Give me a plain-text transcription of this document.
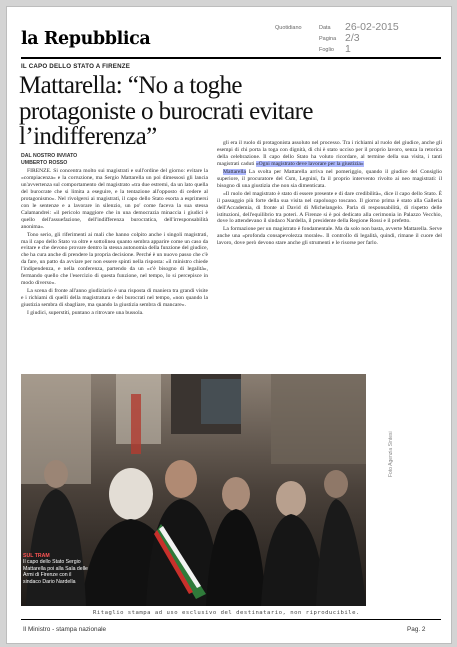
la Repubblica
Quotidiano	Data
Pagina
Foglio
26-02-2015
2/3
1
IL CAPO DELLO STATO A FIRENZE
Mattarella: “No a toghe protagoniste o burocrati evitare l’indifferenza”
DAL NOSTRO INVIATO
UMBERTO ROSSO

FIRENZE. Si concentra molto sui magistrati e sull'ordine del giorno: evitare la «compiacenza» e la corruzione, ma Sergio Mattarella un poi dimessosi gli lancia un'avvertenza sul comportamento del magistrato «tra due estremi, da un lato quella del burocrate che si limita a eseguire, e la tentazione all'opposto di cedere al protagonismo». Nel rivolgersi ai magistrati, il capo dello Stato esorta a esprimersi con le sentenze e a lavorare in silenzio, un po' come faceva la sua stessa Calamandrei: «il pericolo maggiore che in una democrazia minaccia i giudici è quello dell'assuefazione, dell'indifferenza burocratica, dell'irresponsabilità anonima».

Tono serio, gli riferimenti ai mali che hanno colpito anche i singoli magistrati, ma il capo dello Stato va oltre e sottolinea quanto sembra apparire come un caso da evitare e che devono provare dentro la stessa autonomia della funzione del giudice, che ha cura anche di prendere la propria decisione. Perché è un nuovo passo che c'è da fare, un patto da avviare per non essere spinti nella risposta: «il ministro chiede l'indipendenza, e nella conferenza, partendo da un «c'è bisogno di legalità», fermando quello che l'esercizio di questa funzione, nel tempo, lo si percepisce in modo diverso».

La scena di fronte all'anno giudiziario è una risposta di maniera tra grandi visite e i richiami di quelli della magistratura e dei burocrati nel tempo, «non quando la giustizia sembra di sbagliare, ma quando la giustizia sembra di mancare».

I giudici, superstiti, puntano a ritrovare una bussola.

gli era il ruolo di protagonista assoluto nel processo. Tra i richiami al ruolo del giudice, anche gli esempi di chi porta la toga con dignità, di chi è stato ucciso per il proprio lavoro, senza la retorica della celebrazione. Il capo dello Stato ha voluto ricordare, al termine della sua visita, i tanti magistrati caduti «Ogni magistrato deve lavorare per la giustizia»

Mattarella La svolta per Mattarella arriva nel pomeriggio, quando il giudice del Consiglio superiore, il procuratore del Csm, Legnini, fa il proprio intervento rivolto ai neo magistrati: il bisogno di una giustizia che non sia dimenticata.

«Il ruolo del magistrato è stato di essere presente e di dare credibilità», dice il capo dello Stato. È il passaggio più forte della sua visita nel capoluogo toscano. Il giorno prima è stato alla Galleria dell'Accademia, di fronte al David di Michelangelo. Parla di responsabilità, di rispetto delle istituzioni, dell'equilibrio tra poteri. A Firenze si è poi dedicato alla cerimonia in Palazzo Vecchio, dove lo attendevano il sindaco Nardella, il presidente della Regione Rossi e il prefetto.

La formazione per un magistrato è fondamentale. Ma da solo non basta, avverte Mattarella. Serve anche una «profonda consapevolezza morale». Il controllo di legalità, quindi, rimane il cuore del lavoro, dove però devono stare anche gli strumenti e le risorse per farlo.

SUL TRAM
Il capo dello Stato Sergio Mattarella poi alla Sala delle Armi di Firenze con il sindaco Dario Nardella
Foto Agenzia Sintesi
Ritaglio stampa ad uso esclusivo del destinatario, non riproducibile.
Il Ministro - stampa nazionale	Pag. 2
